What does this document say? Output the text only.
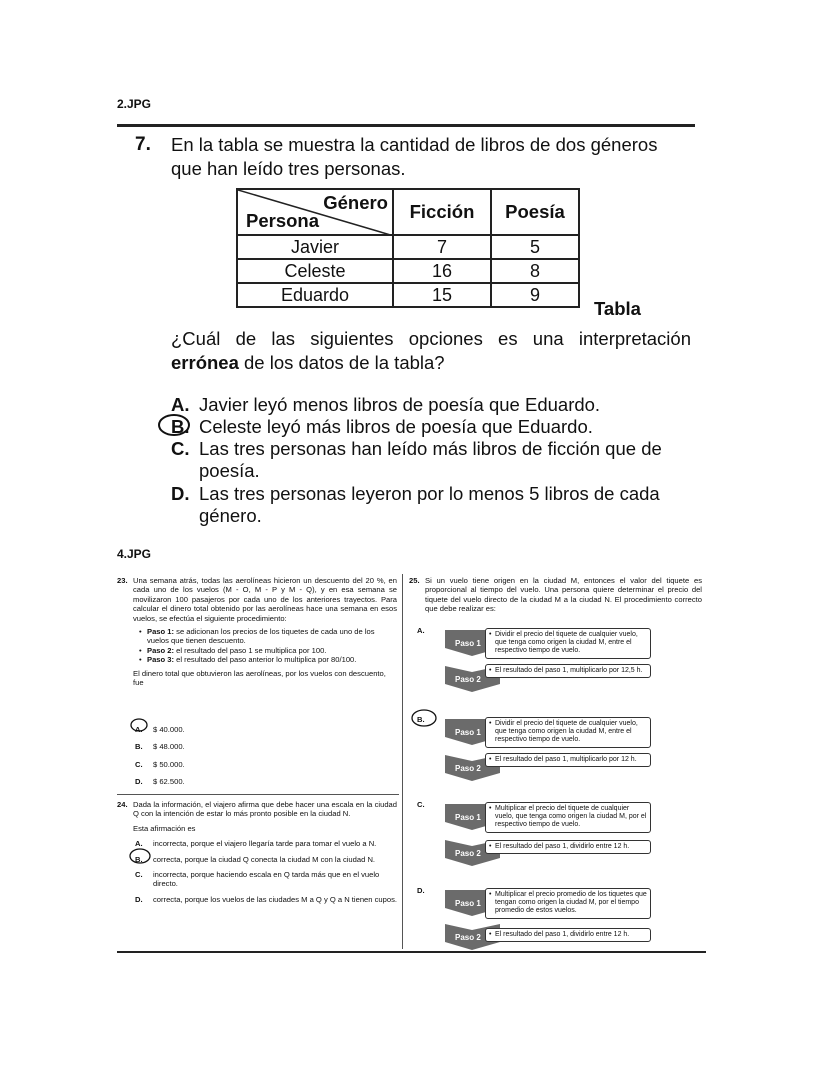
2.JPG
7. En la tabla se muestra la cantidad de libros de dos géneros que han leído tres personas.
Género
Persona	Ficción	Poesía
Javier	7	5
Celeste	16	8
Eduardo	15	9
Tabla
¿Cuál de las siguientes opciones es una interpretación errónea de los datos de la tabla?
A. Javier leyó menos libros de poesía que Eduardo.
B. Celeste leyó más libros de poesía que Eduardo.
C. Las tres personas han leído más libros de ficción que de poesía.
D. Las tres personas leyeron por lo menos 5 libros de cada género.
4.JPG
23. Una semana atrás, todas las aerolíneas hicieron un descuento del 20 %, en cada uno de los vuelos (M - O, M - P y M - Q), y en esa semana se movilizaron 100 pasajeros por cada uno de los anteriores trayectos. Para calcular el dinero total obtenido por las aerolíneas hace una semana en esos vuelos, se efectúa el siguiente procedimiento:
• Paso 1: se adicionan los precios de los tiquetes de cada uno de los vuelos que tienen descuento.
• Paso 2: el resultado del paso 1 se multiplica por 100.
• Paso 3: el resultado del paso anterior lo multiplica por 80/100.
El dinero total que obtuvieron las aerolíneas, por los vuelos con descuento, fue
A. $ 40.000.
B. $ 48.000.
C. $ 50.000.
D. $ 62.500.
24. Dada la información, el viajero afirma que debe hacer una escala en la ciudad Q con la intención de estar lo más pronto posible en la ciudad N.
Esta afirmación es
A. incorrecta, porque el viajero llegaría tarde para tomar el vuelo a N.
B. correcta, porque la ciudad Q conecta la ciudad M con la ciudad N.
C. incorrecta, porque haciendo escala en Q tarda más que en el vuelo directo.
D. correcta, porque los vuelos de las ciudades M a Q y Q a N tienen cupos.
25. Si un vuelo tiene origen en la ciudad M, entonces el valor del tiquete es proporcional al tiempo del vuelo. Una persona quiere determinar el precio del tiquete del vuelo directo de la ciudad M a la ciudad N. El procedimiento correcto que debe realizar es:
A.
Paso 1
• Dividir el precio del tiquete de cualquier vuelo, que tenga como origen la ciudad M, entre el respectivo tiempo de vuelo.
Paso 2
• El resultado del paso 1, multiplicarlo por 12,5 h.
B.
Paso 1
• Dividir el precio del tiquete de cualquier vuelo, que tenga como origen la ciudad M, entre el respectivo tiempo de vuelo.
Paso 2
• El resultado del paso 1, multiplicarlo por 12 h.
C.
Paso 1
• Multiplicar el precio del tiquete de cualquier vuelo, que tenga como origen la ciudad M, por el respectivo tiempo de vuelo.
Paso 2
• El resultado del paso 1, dividirlo entre 12 h.
D.
Paso 1
• Multiplicar el precio promedio de los tiquetes que tengan como origen la ciudad M, por el tiempo promedio de estos vuelos.
Paso 2	• El resultado del paso 1, dividirlo entre 12 h.
